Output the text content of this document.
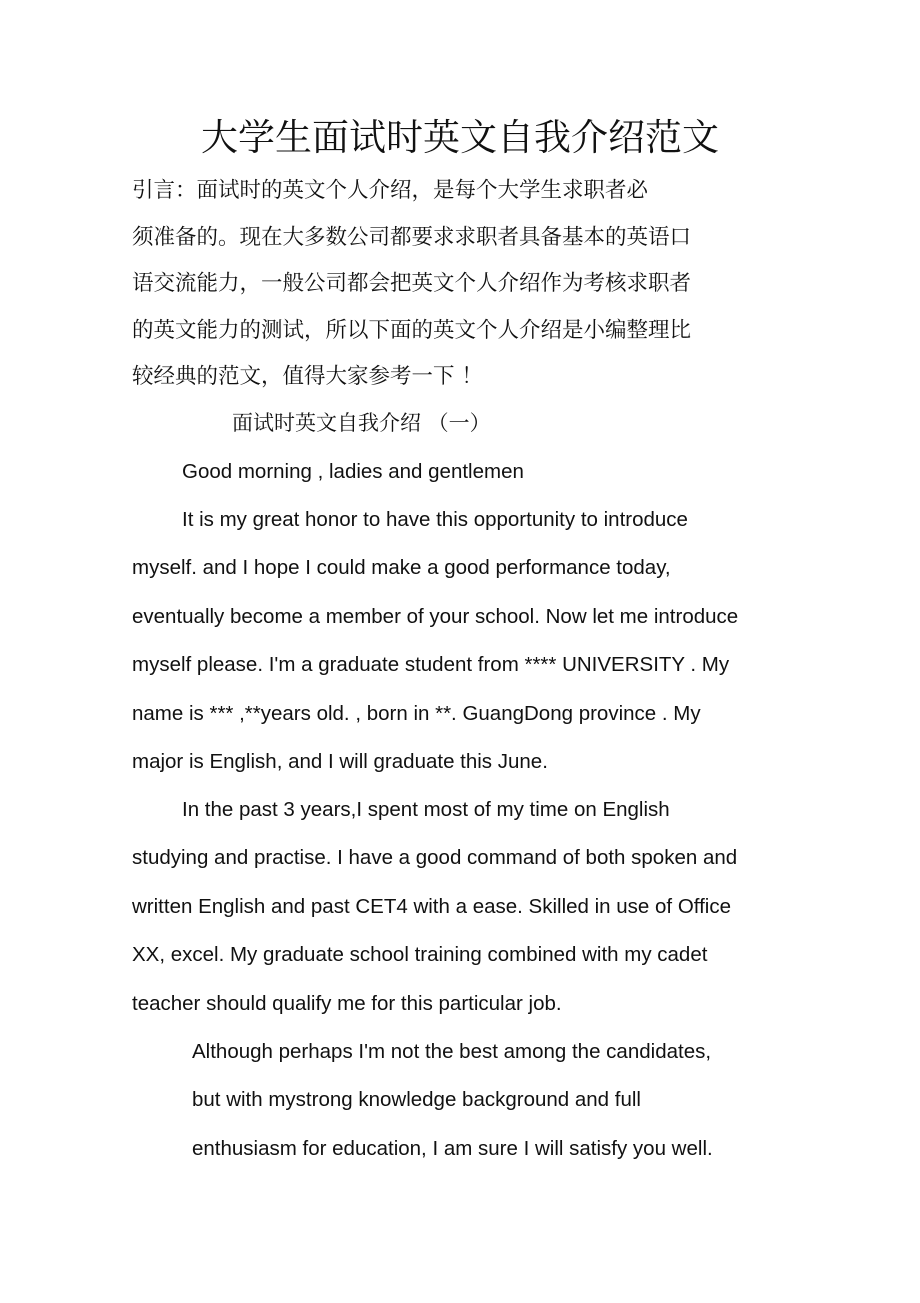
大学生面试时英文自我介绍范文
引言：面试时的英文个人介绍，是每个大学生求职者必
须准备的。现在大多数公司都要求求职者具备基本的英语口
语交流能力，一般公司都会把英文个人介绍作为考核求职者
的英文能力的测试，所以下面的英文个人介绍是小编整理比
较经典的范文，值得大家参考一下 ！
面试时英文自我介绍 （一）

Good morning , ladies and gentlemen

It is my great honor to have this opportunity to introduce
myself. and I hope I could make a good performance today,
eventually become a member of your school. Now let me introduce
myself please. I'm a graduate student from **** UNIVERSITY . My
name is *** ,**years old. , born in **. GuangDong province . My
major is English, and I will graduate this June.
In the past 3 years,I spent most of my time on English
studying and practise. I have a good command of both spoken and
written English and past CET4 with a ease. Skilled in use of Office
XX, excel. My graduate school training combined with my cadet
teacher should qualify me for this particular job.
Although perhaps I'm not the best among the candidates,
but with mystrong knowledge background and full
enthusiasm for education, I am sure I will satisfy you well.
